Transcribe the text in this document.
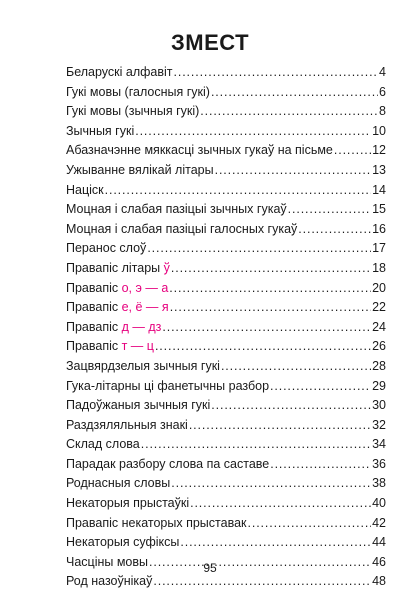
ЗМЕСТ
Беларускі алфавіт . . .	4
Гукі мовы (галосныя гукі) . . .	6
Гукі мовы (зычныя гукі) . . .	8
Зычныя гукі . . .	10
Абазначэнне мяккасці зычных гукаў на пісьме . . .	12
Ужыванне вялікай літары . . .	13
Націск . . .	14
Моцная і слабая пазіцыі зычных гукаў . . .	15
Моцная і слабая пазіцыі галосных гукаў . . .	16
Перанос слоў . . .	17
Правапіс літары ў . . .	18
Правапіс о, э — а . . .	20
Правапіс е, ё — я . . .	22
Правапіс д — дз . . .	24
Правапіс т — ц . . .	26
Зацвярдзелыя зычныя гукі . . .	28
Гука-літарны ці фанетычны разбор . . .	29
Падоўжаныя зычныя гукі . . .	30
Раздзяляльныя знакі . . .	32
Склад слова . . .	34
Парадак разбору слова па саставе . . .	36
Роднасныя словы . . .	38
Некаторыя прыстаўкі . . .	40
Правапіс некаторых прыставак . . .	42
Некаторыя суфіксы . . .	44
Часціны мовы . . .	46
Род назоўнікаў . . .	48
95
